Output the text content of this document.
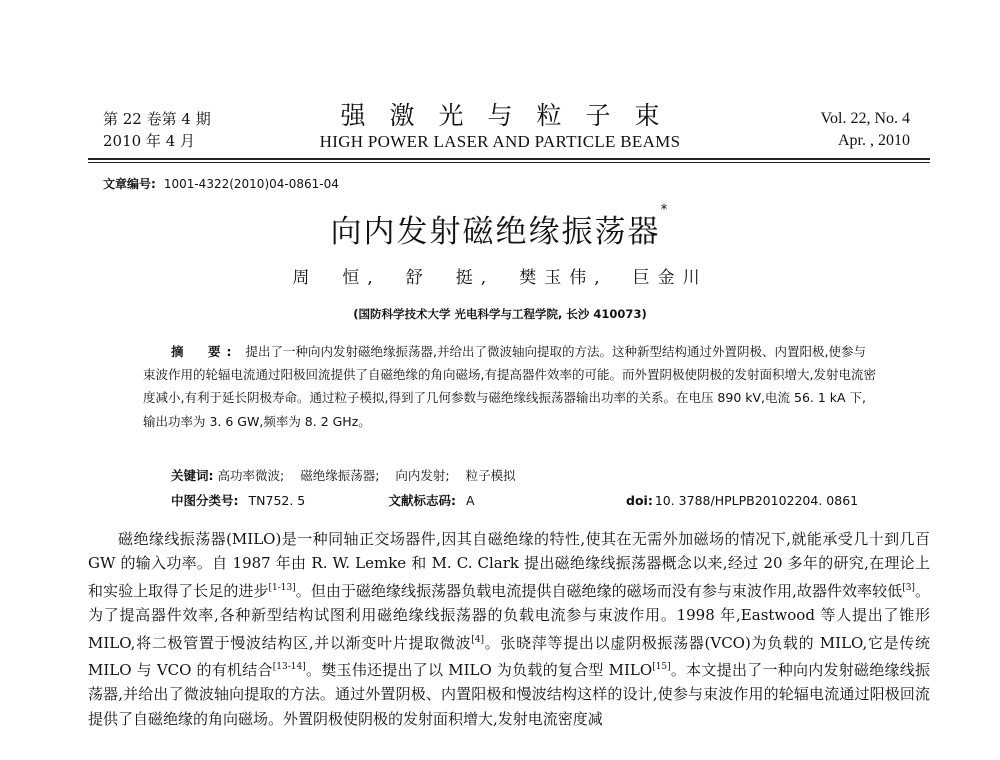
第 22 卷第 4 期
2010 年 4 月
强激光与粒子束
HIGH POWER LASER AND PARTICLE BEAMS
Vol. 22, No. 4
Apr. , 2010
文章编号: 1001-4322(2010)04-0861-04
向内发射磁绝缘振荡器*
周　恒,　舒　挺,　樊玉伟,　巨金川
(国防科学技术大学 光电科学与工程学院, 长沙 410073)
摘　要: 提出了一种向内发射磁绝缘振荡器,并给出了微波轴向提取的方法。这种新型结构通过外置阴极、内置阳极,使参与束波作用的轮辐电流通过阳极回流提供了自磁绝缘的角向磁场,有提高器件效率的可能。而外置阴极使阴极的发射面积增大,发射电流密度减小,有利于延长阴极寿命。通过粒子模拟,得到了几何参数与磁绝缘线振荡器输出功率的关系。在电压 890 kV,电流 56. 1 kA 下,输出功率为 3. 6 GW,频率为 8. 2 GHz。
关键词: 高功率微波; 磁绝缘振荡器; 向内发射; 粒子模拟
中图分类号: TN752. 5	文献标志码: A	doi: 10. 3788/HPLPB20102204. 0861

磁绝缘线振荡器(MILO)是一种同轴正交场器件,因其自磁绝缘的特性,使其在无需外加磁场的情况下,就能承受几十到几百 GW 的输入功率。自 1987 年由 R. W. Lemke 和 M. C. Clark 提出磁绝缘线振荡器概念以来,经过 20 多年的研究,在理论上和实验上取得了长足的进步[1-13]。但由于磁绝缘线振荡器负载电流提供自磁绝缘的磁场而没有参与束波作用,故器件效率较低[3]。为了提高器件效率,各种新型结构试图利用磁绝缘线振荡器的负载电流参与束波作用。1998 年,Eastwood 等人提出了锥形 MILO,将二极管置于慢波结构区,并以渐变叶片提取微波[4]。张晓萍等提出以虚阴极振荡器(VCO)为负载的 MILO,它是传统 MILO 与 VCO 的有机结合[13-14]。樊玉伟还提出了以 MILO 为负载的复合型 MILO[15]。本文提出了一种向内发射磁绝缘线振荡器,并给出了微波轴向提取的方法。通过外置阴极、内置阳极和慢波结构这样的设计,使参与束波作用的轮辐电流通过阳极回流提供了自磁绝缘的角向磁场。外置阴极使阴极的发射面积增大,发射电流密度减
